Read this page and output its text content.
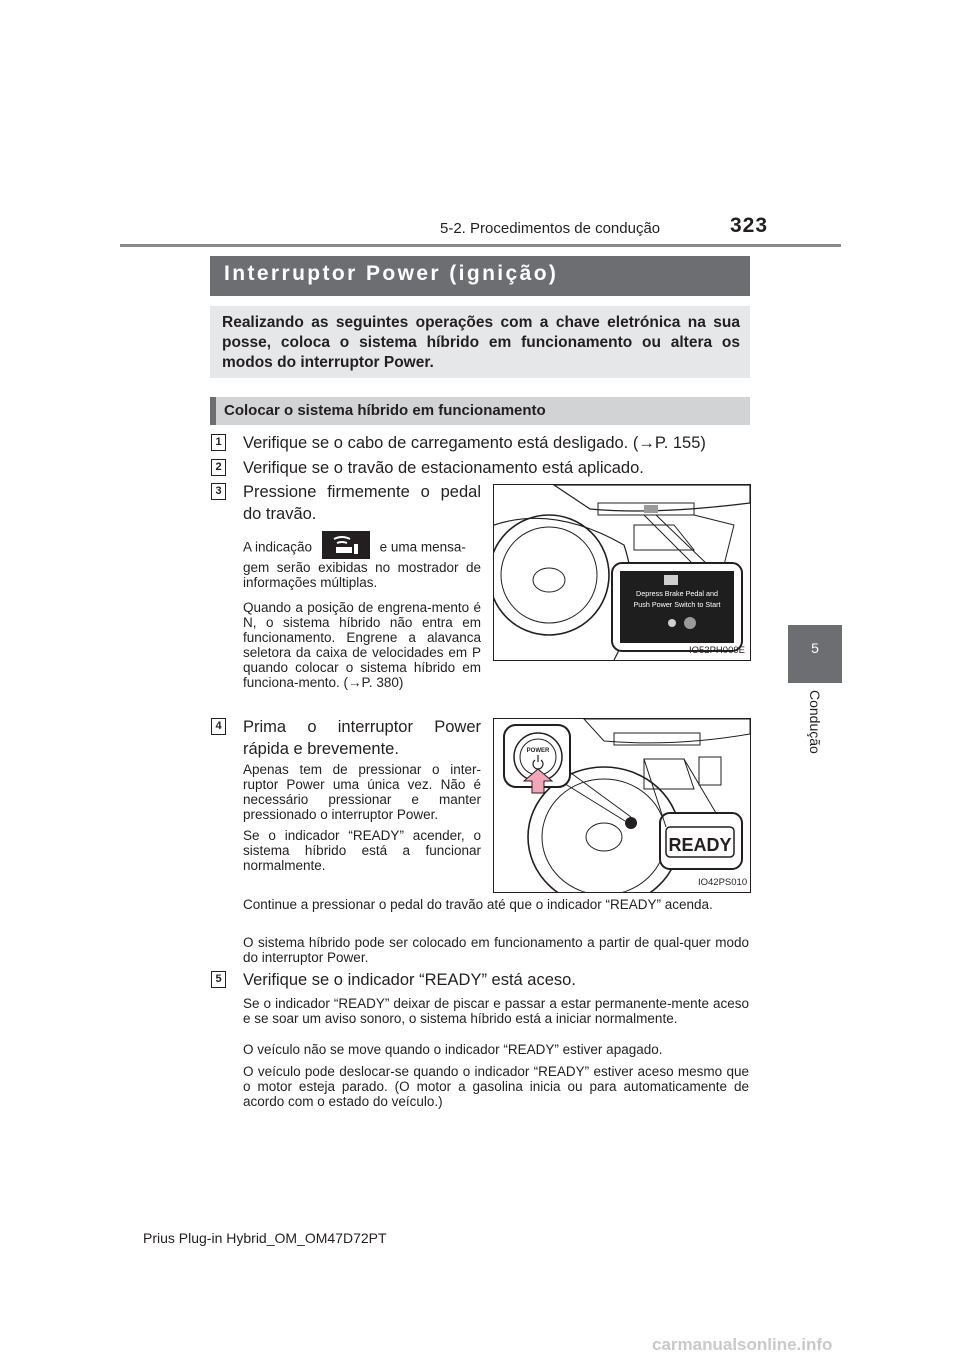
5-2. Procedimentos de condução	323
5
Condução
Interruptor Power (ignição)
Realizando as seguintes operações com a chave eletrónica na sua posse, coloca o sistema híbrido em funcionamento ou altera os modos do interruptor Power.
Colocar o sistema híbrido em funcionamento
1 Verifique se o cabo de carregamento está desligado. (→P. 155)
2 Verifique se o travão de estacionamento está aplicado.
3 Pressione firmemente o pedal do travão.
A indicação	e uma mensa-
gem serão exibidas no mostrador de informações múltiplas.
Quando a posição de engrena-mento é N, o sistema híbrido não entra em funcionamento. Engrene a alavanca seletora da caixa de velocidades em P quando colocar o sistema híbrido em funciona-mento. (→P. 380)
Depress Brake Pedal and
Push Power Switch to Start
IO52PH009E
4 Prima o interruptor Power rápida e brevemente.
Apenas tem de pressionar o inter-ruptor Power uma única vez. Não é necessário pressionar e manter pressionado o interruptor Power.
Se o indicador “READY” acender, o sistema híbrido está a funcionar normalmente.
POWER
READY
IO42PS010
Continue a pressionar o pedal do travão até que o indicador “READY” acenda.
O sistema híbrido pode ser colocado em funcionamento a partir de qual-quer modo do interruptor Power.
5 Verifique se o indicador “READY” está aceso.
Se o indicador “READY” deixar de piscar e passar a estar permanente-mente aceso e se soar um aviso sonoro, o sistema híbrido está a iniciar normalmente.
O veículo não se move quando o indicador “READY” estiver apagado.
O veículo pode deslocar-se quando o indicador “READY” estiver aceso mesmo que o motor esteja parado. (O motor a gasolina inicia ou para automaticamente de acordo com o estado do veículo.)
Prius Plug-in Hybrid_OM_OM47D72PT
carmanualsonline.info
